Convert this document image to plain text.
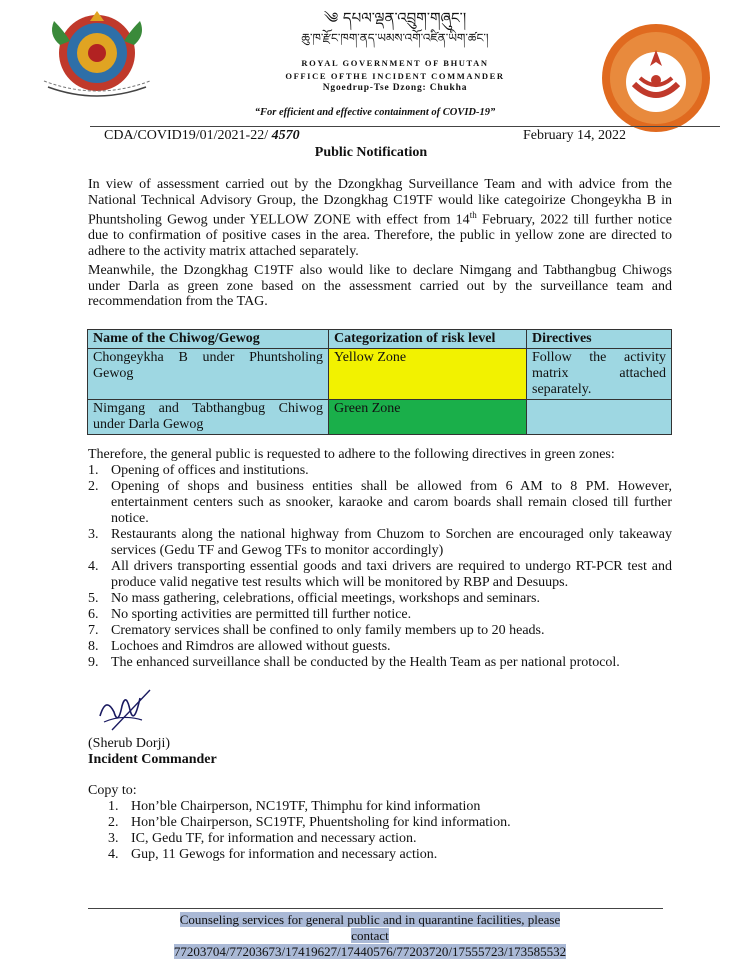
༄ དཔལ་ལྡན་འབྲུག་གཞུང་།
ཆུ་ཁ་རྫོང་ཁག་ནད་ཡམས་འགོ་འཛིན་ཡིག་ཚང་།
ROYAL GOVERNMENT OF BHUTAN
OFFICE OFTHE INCIDENT COMMANDER
Ngoedrup-Tse Dzong: Chukha
“For efficient and effective containment of COVID-19”
CDA/COVID19/01/2021-22/ 4570	February 14, 2022
Public Notification
In view of assessment carried out by the Dzongkhag Surveillance Team and with advice from the National Technical Advisory Group, the Dzongkhag C19TF would like categoirize Chongeykha B in Phuntsholing Gewog under YELLOW ZONE with effect from 14th February, 2022 till further notice due to confirmation of positive cases in the area. Therefore, the public in yellow zone are directed to adhere to the activity matrix attached separately.
Meanwhile, the Dzongkhag C19TF also would like to declare Nimgang and Tabthangbug Chiwogs under Darla as green zone based on the assessment carried out by the surveillance team and recommendation from the TAG.
Name of the Chiwog/Gewog	Categorization of risk level	Directives
Chongeykha B under Phuntsholing Gewog	Yellow Zone	Follow the activity matrix attached separately.
Nimgang and Tabthangbug Chiwog under Darla Gewog	Green Zone	
Therefore, the general public is requested to adhere to the following directives in green zones:
1. Opening of offices and institutions.
2. Opening of shops and business entities shall be allowed from 6 AM to 8 PM. However, entertainment centers such as snooker, karaoke and carom boards shall remain closed till further notice.
3. Restaurants along the national highway from Chuzom to Sorchen are encouraged only takeaway services (Gedu TF and Gewog TFs to monitor accordingly)
4. All drivers transporting essential goods and taxi drivers are required to undergo RT-PCR test and produce valid negative test results which will be monitored by RBP and Desuups.
5. No mass gathering, celebrations, official meetings, workshops and seminars.
6. No sporting activities are permitted till further notice.
7. Crematory services shall be confined to only family members up to 20 heads.
8. Lochoes and Rimdros are allowed without guests.
9. The enhanced surveillance shall be conducted by the Health Team as per national protocol.
(Sherub Dorji)
Incident Commander
Copy to:
1. Hon’ble Chairperson, NC19TF, Thimphu for kind information
2. Hon’ble Chairperson, SC19TF, Phuentsholing for kind information.
3. IC, Gedu TF, for information and necessary action.
4. Gup, 11 Gewogs for information and necessary action.
Counseling services for general public and in quarantine facilities, please contact
77203704/77203673/17419627/17440576/77203720/17555723/173585532
